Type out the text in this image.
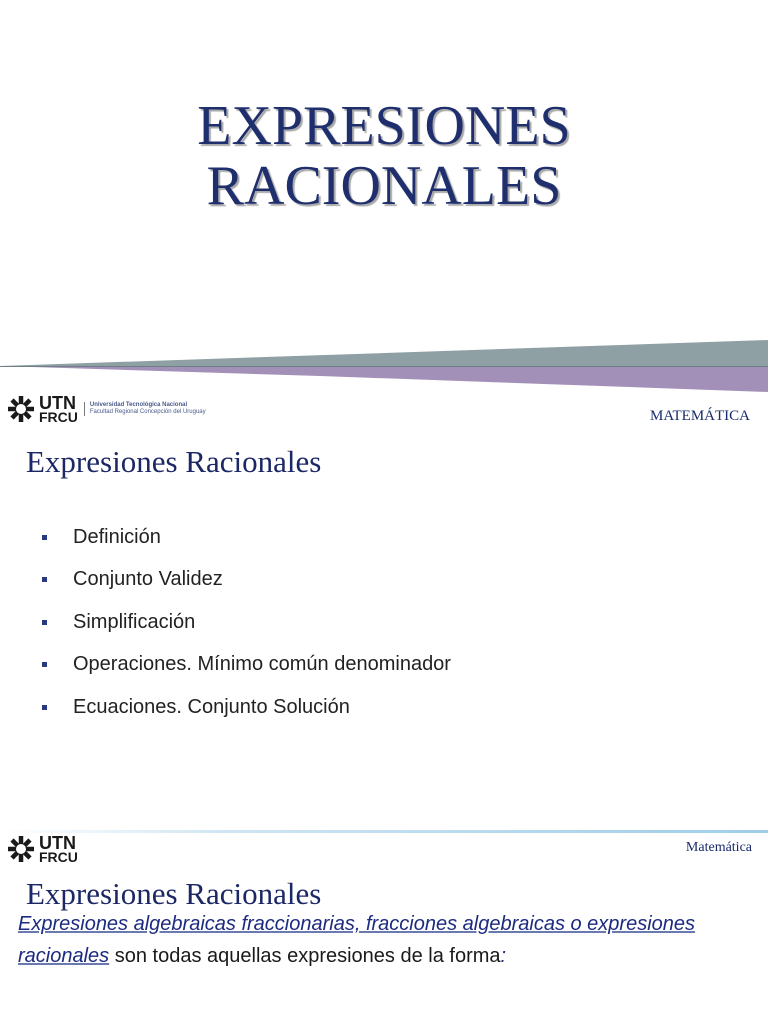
EXPRESIONES
RACIONALES
UTN
FRCU
Universidad Tecnológica Nacional
Facultad Regional Concepción del Uruguay	MATEMÁTICA
Expresiones Racionales
Definición
Conjunto Validez
Simplificación
Operaciones. Mínimo común denominador
Ecuaciones. Conjunto Solución
UTN
FRCU
Matemática
Expresiones Racionales
Expresiones algebraicas fraccionarias, fracciones algebraicas o expresiones
racionales son todas aquellas expresiones de la forma:
